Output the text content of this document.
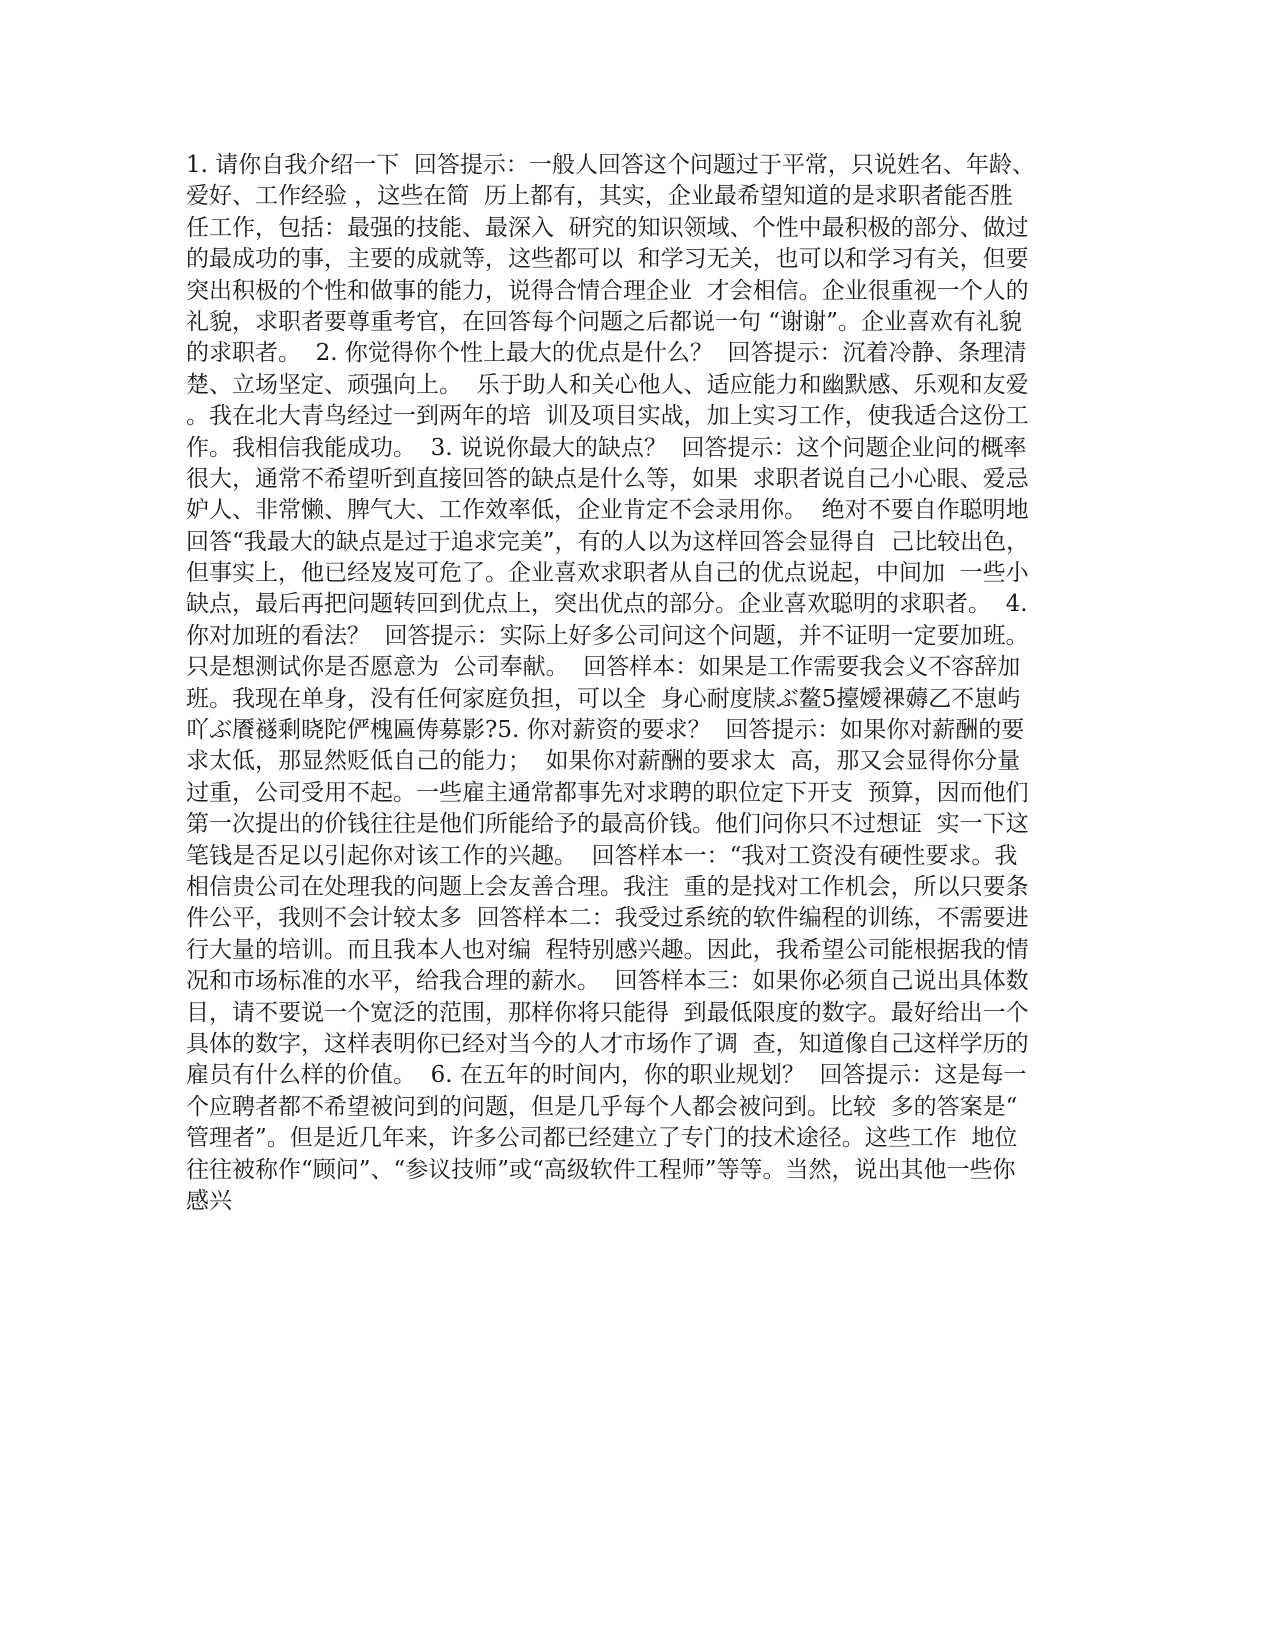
1. 请你自我介绍一下  回答提示：一般人回答这个问题过于平常，只说姓名、年龄、
爱好、工作经验 ，这些在简  历上都有，其实，企业最希望知道的是求职者能否胜
任工作，包括：最强的技能、最深入  研究的知识领域、个性中最积极的部分、做过
的最成功的事，主要的成就等，这些都可以  和学习无关，也可以和学习有关，但要
突出积极的个性和做事的能力，说得合情合理企业  才会相信。企业很重视一个人的
礼貌，求职者要尊重考官，在回答每个问题之后都说一句 “谢谢”。企业喜欢有礼貌
的求职者。  2. 你觉得你个性上最大的优点是什么？  回答提示：沉着冷静、条理清
楚、立场坚定、顽强向上。  乐于助人和关心他人、适应能力和幽默感、乐观和友爱
。我在北大青鸟经过一到两年的培  训及项目实战，加上实习工作，使我适合这份工
作。我相信我能成功。  3. 说说你最大的缺点？  回答提示：这个问题企业问的概率
很大，通常不希望听到直接回答的缺点是什么等，如果  求职者说自己小心眼、爱忌
妒人、非常懒、脾气大、工作效率低，企业肯定不会录用你。  绝对不要自作聪明地
回答“我最大的缺点是过于追求完美”，有的人以为这样回答会显得自  己比较出色，
但事实上，他已经岌岌可危了。企业喜欢求职者从自己的优点说起，中间加  一些小
缺点，最后再把问题转回到优点上，突出优点的部分。企业喜欢聪明的求职者。  4.
你对加班的看法？  回答提示：实际上好多公司问这个问题，并不证明一定要加班。
只是想测试你是否愿意为  公司奉献。  回答样本：如果是工作需要我会义不容辞加
班。我现在单身，没有任何家庭负担，可以全  身心耐度牍ぶ鳌5擡嬡祼薅乙不崽屿
吖ぶ餍襚剩晓陀俨槐匾俦募影?5. 你对薪资的要求？  回答提示：如果你对薪酬的要
求太低，那显然贬低自己的能力；  如果你对薪酬的要求太  高，那又会显得你分量
过重，公司受用不起。一些雇主通常都事先对求聘的职位定下开支  预算，因而他们
第一次提出的价钱往往是他们所能给予的最高价钱。他们问你只不过想证  实一下这
笔钱是否足以引起你对该工作的兴趣。  回答样本一：“我对工资没有硬性要求。我
相信贵公司在处理我的问题上会友善合理。我注  重的是找对工作机会，所以只要条
件公平，我则不会计较太多  回答样本二：我受过系统的软件编程的训练，不需要进
行大量的培训。而且我本人也对编  程特别感兴趣。因此，我希望公司能根据我的情
况和市场标准的水平，给我合理的薪水。  回答样本三：如果你必须自己说出具体数
目，请不要说一个宽泛的范围，那样你将只能得  到最低限度的数字。最好给出一个
具体的数字，这样表明你已经对当今的人才市场作了调  查，知道像自己这样学历的
雇员有什么样的价值。  6. 在五年的时间内，你的职业规划？  回答提示：这是每一
个应聘者都不希望被问到的问题，但是几乎每个人都会被问到。比较  多的答案是“
管理者”。但是近几年来，许多公司都已经建立了专门的技术途径。这些工作  地位
往往被称作“顾问”、“参议技师”或“高级软件工程师”等等。当然，说出其他一些你
感兴
